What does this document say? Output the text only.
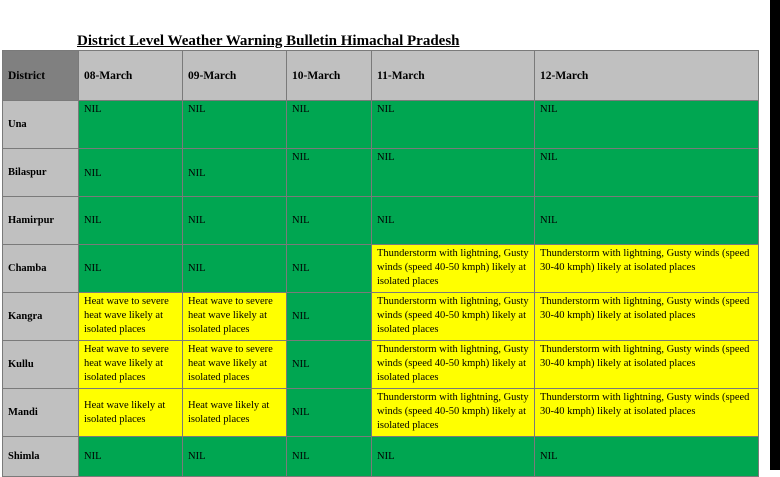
District Level Weather Warning Bulletin Himachal Pradesh
District	08-March	09-March	10-March	11-March	12-March
Una	NIL	NIL	NIL	NIL	NIL
Bilaspur	NIL	NIL	NIL	NIL	NIL
Hamirpur	NIL	NIL	NIL	NIL	NIL
Chamba	NIL	NIL	NIL	Thunderstorm with lightning, Gusty winds (speed 40-50 kmph) likely at isolated places	Thunderstorm with lightning, Gusty winds (speed 30-40 kmph) likely at isolated places
Kangra	Heat wave to severe heat wave likely at isolated places	Heat wave to severe heat wave likely at isolated places	NIL	Thunderstorm with lightning, Gusty winds (speed 40-50 kmph) likely at isolated places	Thunderstorm with lightning, Gusty winds (speed 30-40 kmph) likely at isolated places
Kullu	Heat wave to severe heat wave likely at isolated places	Heat wave to severe heat wave likely at isolated places	NIL	Thunderstorm with lightning, Gusty winds (speed 40-50 kmph) likely at isolated places	Thunderstorm with lightning, Gusty winds (speed 30-40 kmph) likely at isolated places
Mandi	Heat wave likely at isolated places	Heat wave likely at isolated places	NIL	Thunderstorm with lightning, Gusty winds (speed 40-50 kmph) likely at isolated places	Thunderstorm with lightning, Gusty winds (speed 30-40 kmph) likely at isolated places
Shimla	NIL	NIL	NIL	NIL	NIL
